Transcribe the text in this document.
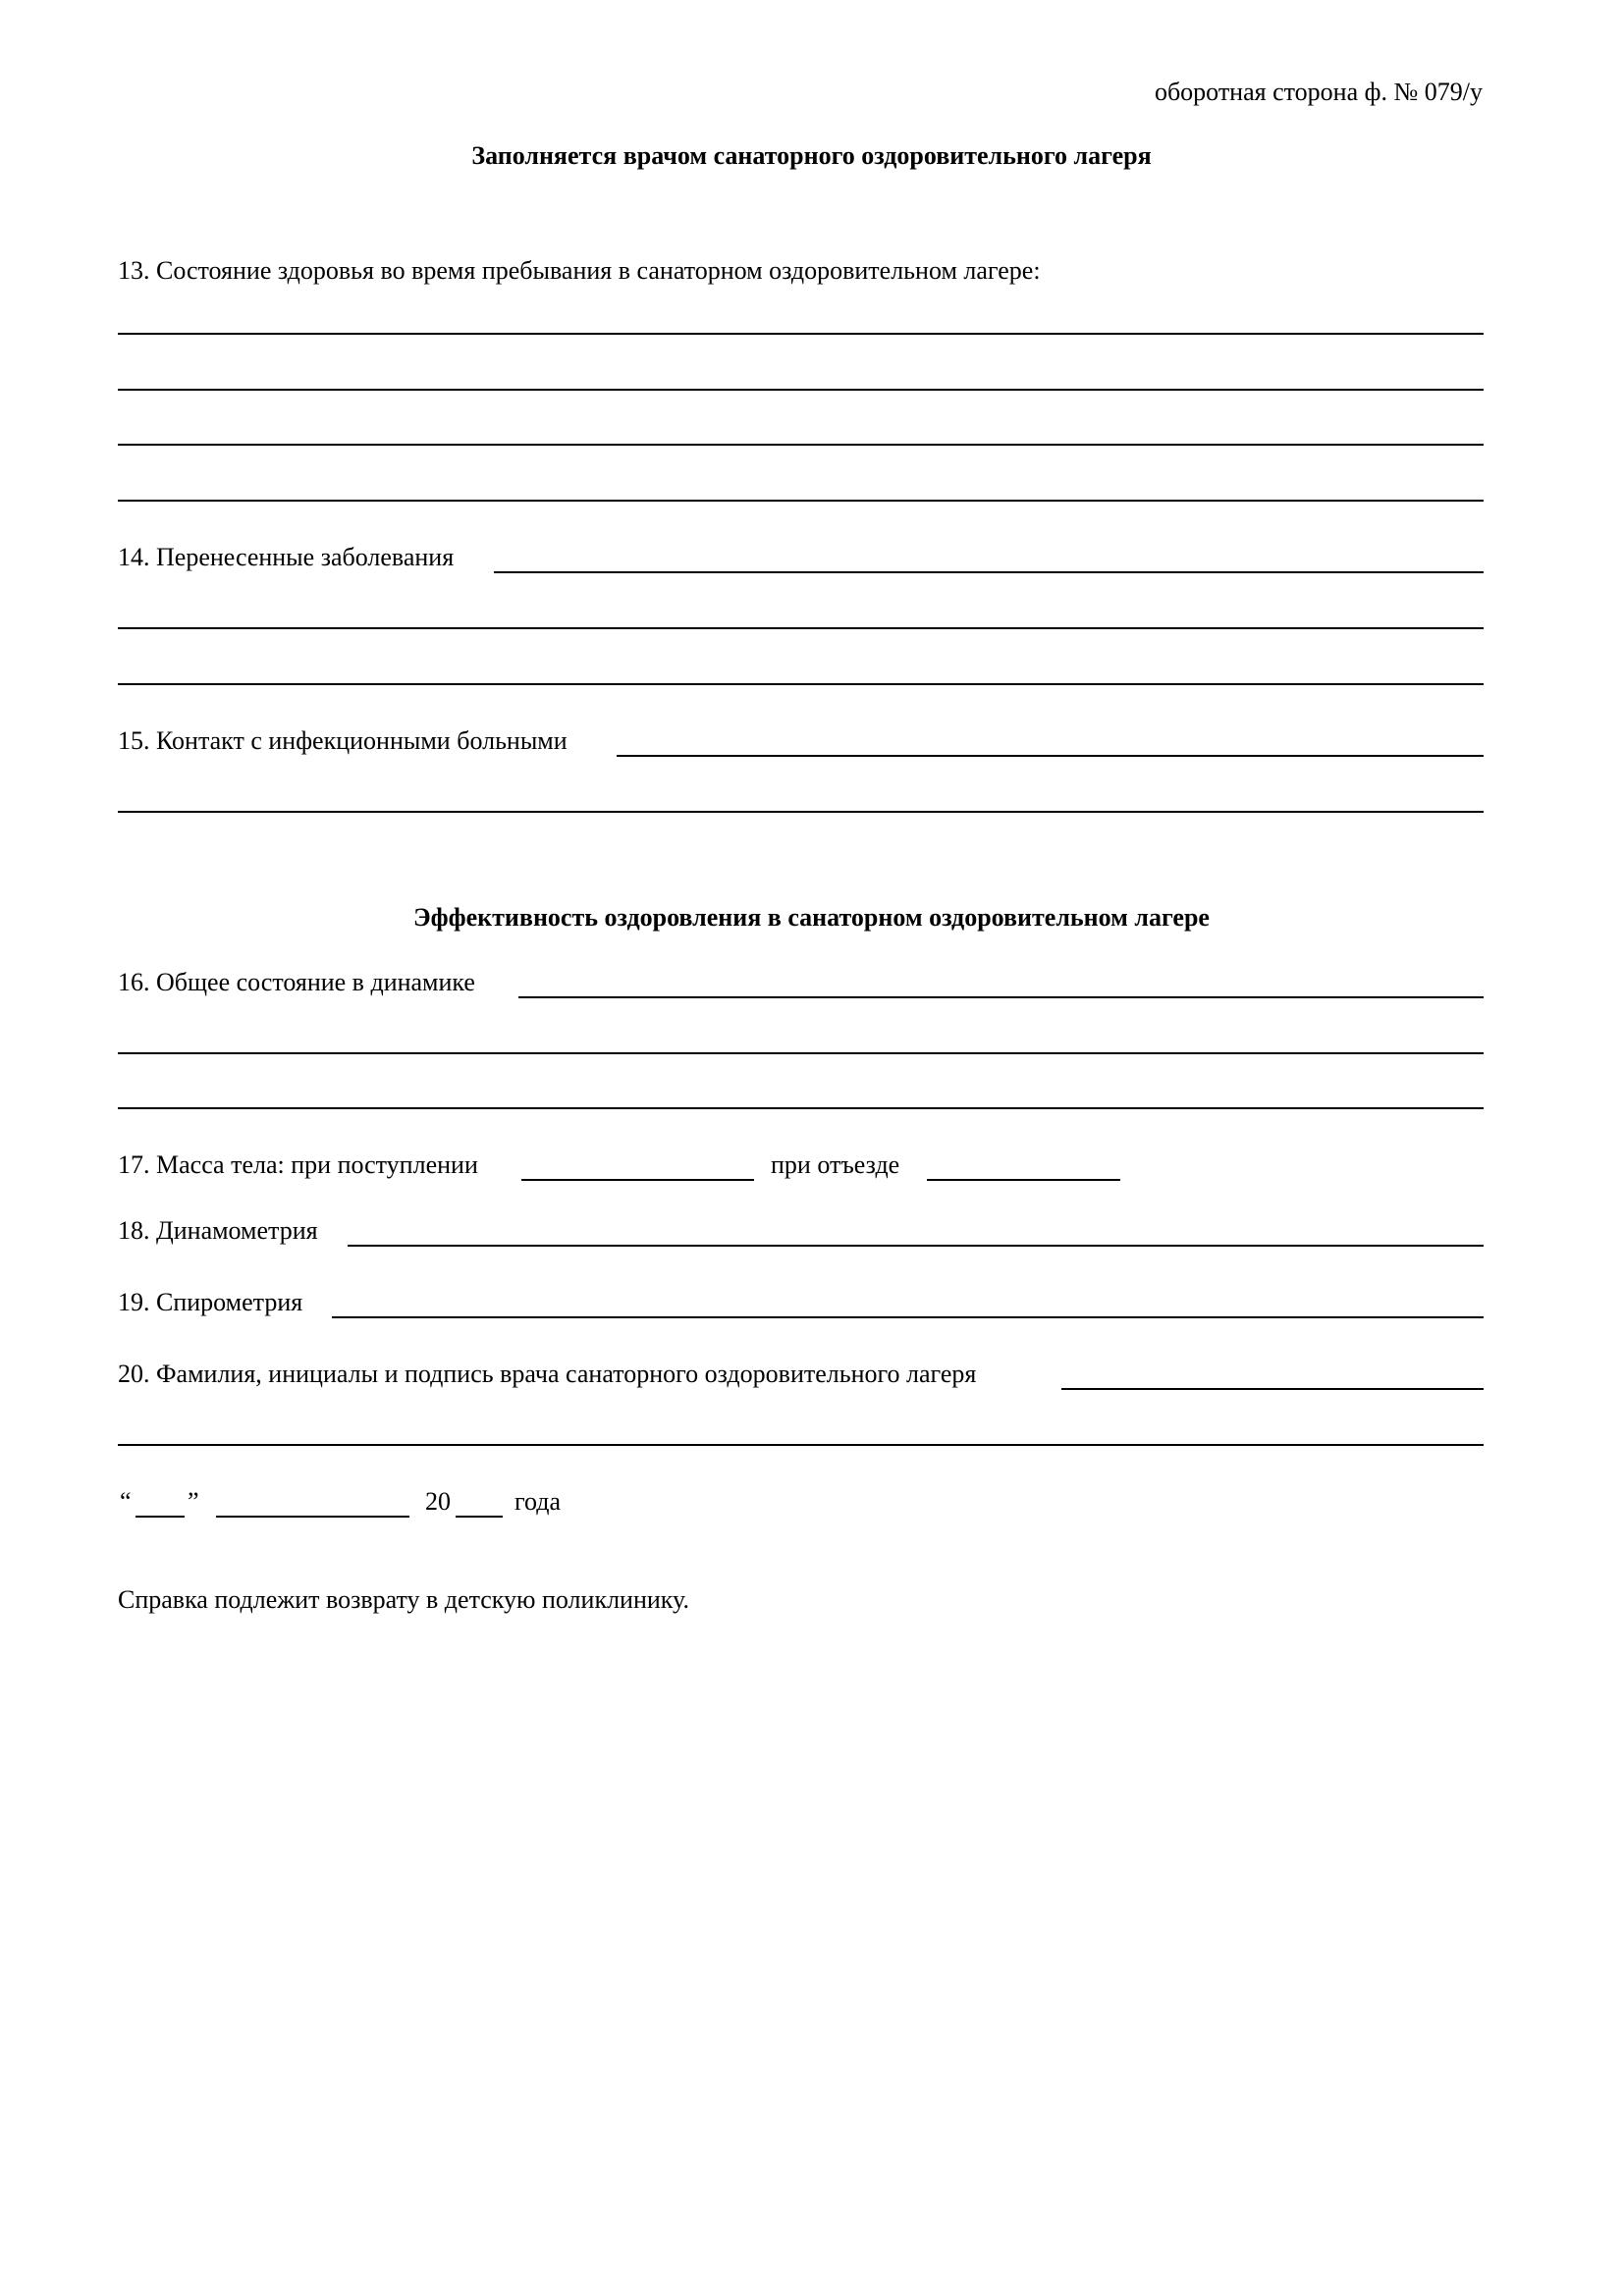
оборотная сторона ф. № 079/у
Заполняется врачом санаторного оздоровительного лагеря
13. Состояние здоровья во время пребывания в санаторном оздоровительном лагере:
14. Перенесенные заболевания
15. Контакт с инфекционными больными
Эффективность оздоровления в санаторном оздоровительном лагере
16. Общее состояние в динамике
17. Масса тела: при поступлении	при отъезде
18. Динамометрия
19. Спирометрия
20. Фамилия, инициалы и подпись врача санаторного оздоровительного лагеря
“ ”	20	года
Справка подлежит возврату в детскую поликлинику.
